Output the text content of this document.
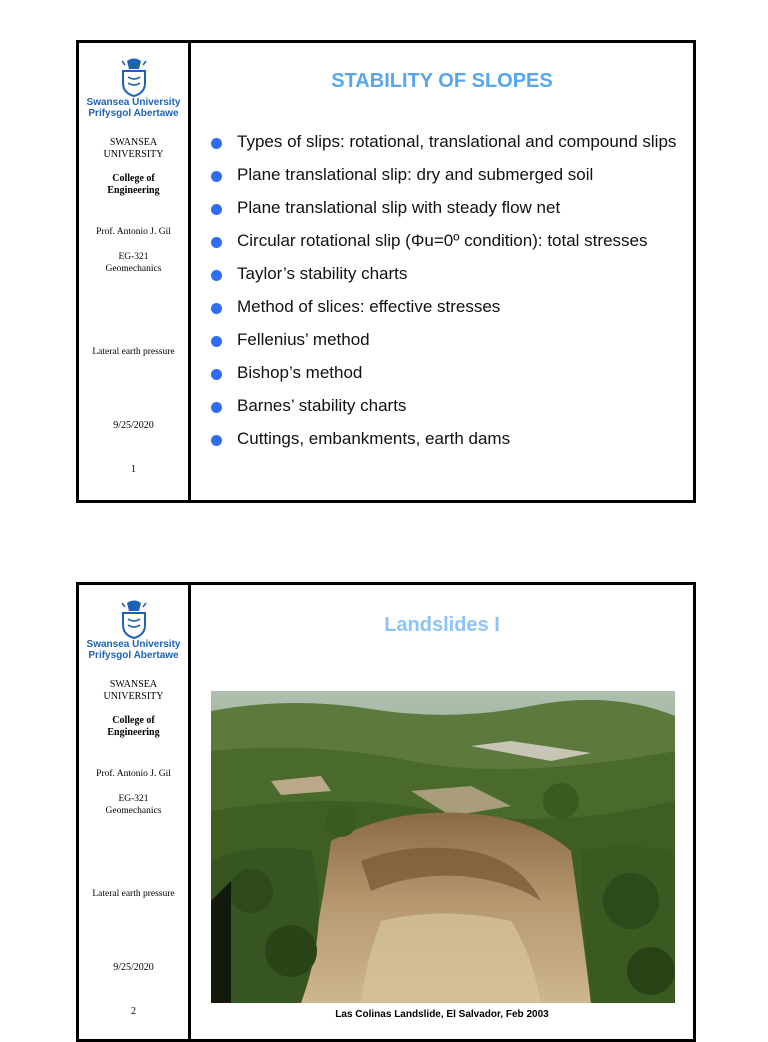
Swansea University
Prifysgol Abertawe
SWANSEA UNIVERSITY
College of Engineering
Prof. Antonio J. Gil
EG-321 Geomechanics
Lateral earth pressure
9/25/2020
1
STABILITY OF SLOPES
Types of slips: rotational, translational and compound slips
Plane translational slip: dry and submerged soil
Plane translational slip with steady flow net
Circular rotational slip (Φu=0º condition): total stresses
Taylor’s stability charts
Method of slices: effective stresses
Fellenius’ method
Bishop’s method
Barnes’ stability charts
Cuttings, embankments, earth dams
Swansea University
Prifysgol Abertawe
SWANSEA UNIVERSITY
College of Engineering
Prof. Antonio J. Gil
EG-321 Geomechanics
Lateral earth pressure
9/25/2020
2
Landslides I
Las Colinas Landslide, El Salvador, Feb 2003
